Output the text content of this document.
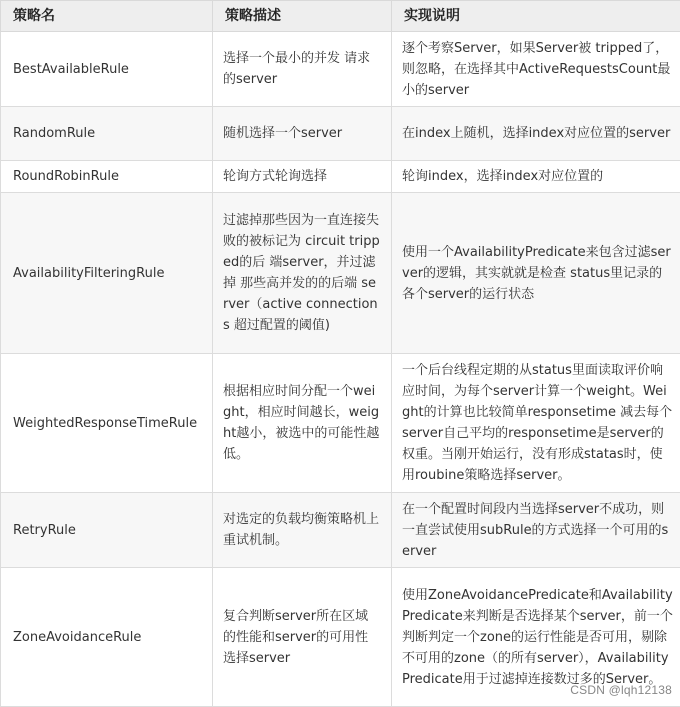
策略名	策略描述	实现说明
BestAvailableRule	选择一个最小的并发 请求的server	逐个考察Server，如果Server被 tripped了，则忽略，在选择其中ActiveRequestsCount最小的server
RandomRule	随机选择一个server	在index上随机，选择index对应位置的server
RoundRobinRule	轮询方式轮询选择	轮询index，选择index对应位置的
AvailabilityFilteringRule	过滤掉那些因为一直连接失败的被标记为 circuit tripped的后 端server，并过滤掉 那些高并发的的后端 server（active connections 超过配置的阈值)	使用一个AvailabilityPredicate来包含过滤server的逻辑，其实就就是检查 status里记录的各个server的运行状态
WeightedResponseTimeRule	根据相应时间分配一个weight，相应时间越长，weight越小，被选中的可能性越低。	一个后台线程定期的从status里面读取评价响应时间，为每个server计算一个weight。Weight的计算也比较简单responsetime 减去每个server自己平均的responsetime是server的权重。当刚开始运行，没有形成statas时，使用roubine策略选择server。
RetryRule	对选定的负载均衡策略机上重试机制。	在一个配置时间段内当选择server不成功，则一直尝试使用subRule的方式选择一个可用的server
ZoneAvoidanceRule	复合判断server所在区域的性能和server的可用性选择server	使用ZoneAvoidancePredicate和AvailabilityPredicate来判断是否选择某个server，前一个判断判定一个zone的运行性能是否可用，剔除不可用的zone（的所有server），AvailabilityPredicate用于过滤掉连接数过多的Server。
CSDN @lqh12138
